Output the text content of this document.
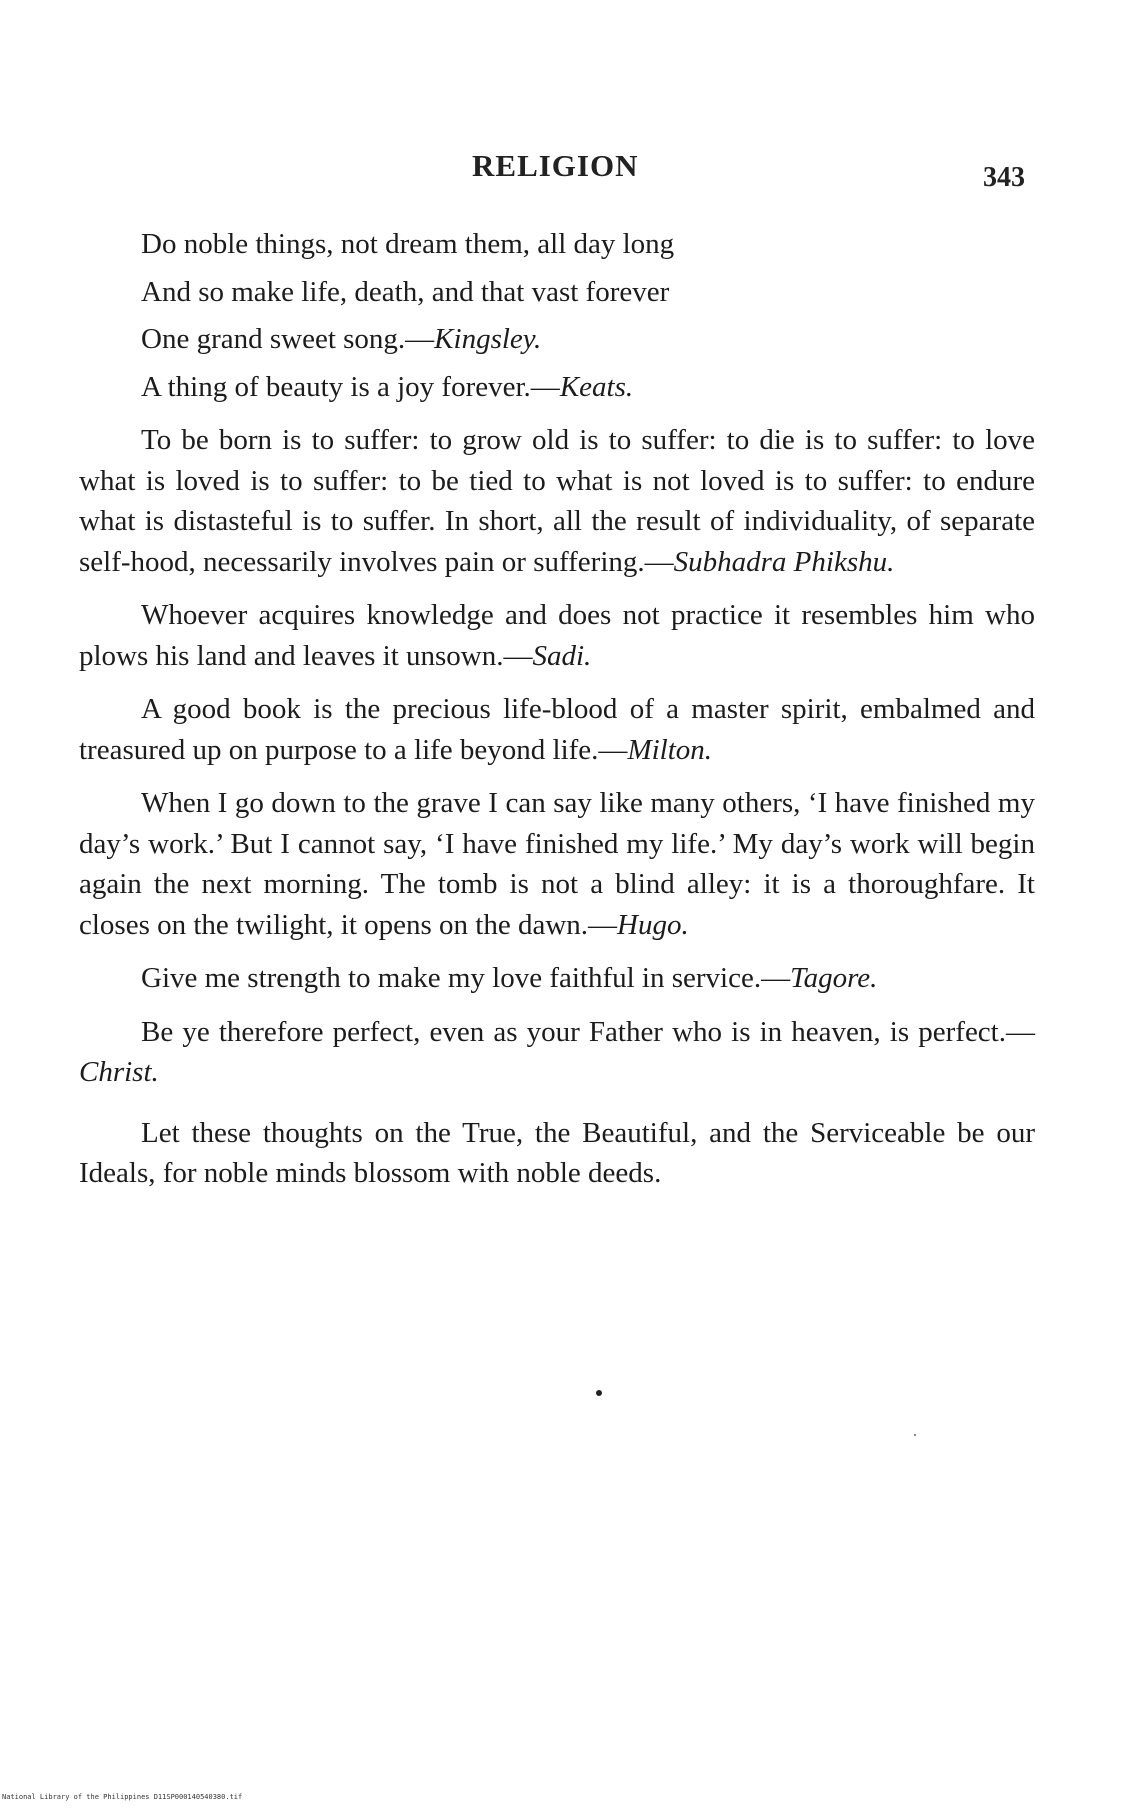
RELIGION	343

Do noble things, not dream them, all day long

And so make life, death, and that vast forever

One grand sweet song.—Kingsley.

A thing of beauty is a joy forever.—Keats.

To be born is to suffer: to grow old is to suffer: to die is to suffer: to love what is loved is to suffer: to be tied to what is not loved is to suffer: to endure what is distasteful is to suffer. In short, all the result of individuality, of separate self-hood, necessarily involves pain or suffering.—Subhadra Phikshu.

Whoever acquires knowledge and does not practice it resembles him who plows his land and leaves it unsown.—Sadi.

A good book is the precious life-blood of a master spirit, embalmed and treasured up on purpose to a life beyond life.—Milton.

When I go down to the grave I can say like many others, ‘I have finished my day’s work.’ But I cannot say, ‘I have finished my life.’ My day’s work will begin again the next morning. The tomb is not a blind alley: it is a thoroughfare. It closes on the twilight, it opens on the dawn.—Hugo.

Give me strength to make my love faithful in service.—Tagore.

Be ye therefore perfect, even as your Father who is in heaven, is perfect.—Christ.

Let these thoughts on the True, the Beautiful, and the Serviceable be our Ideals, for noble minds blossom with noble deeds.

National Library of the Philippines D11SP000140540380.tif
